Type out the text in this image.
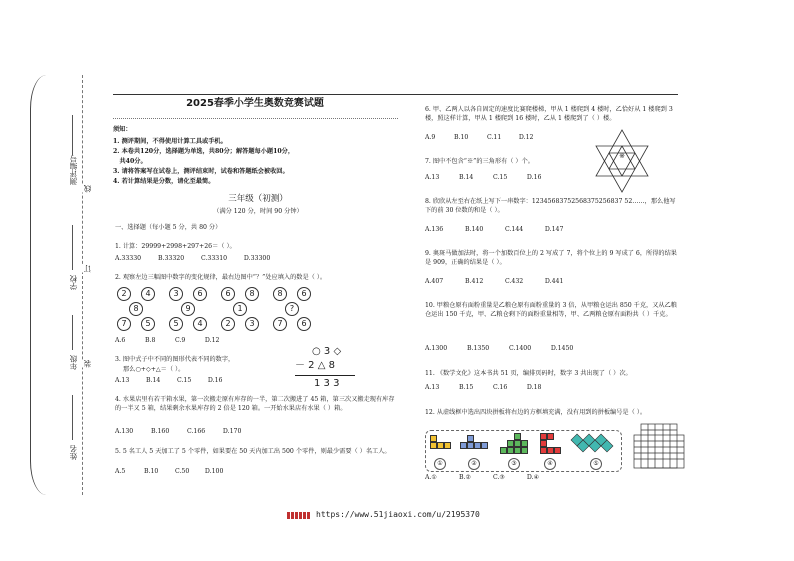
测评编号
线
学校
订
年级 装
姓名
2025春季小学生奥数竞赛试题
须知：
1. 测评期间，不得使用计算工具或手机。
2. 本卷共120分，选择题为单选，共80分；解答题每小题10分，
共40分。
3. 请将答案写在试卷上，测评结束时，试卷和答题纸会被收回。
4. 若计算结果是分数，请化至最简。
三年级（初测）
（满分 120 分，时间 90 分钟）
一、选择题（每小题 5 分，共 80 分）
1. 计算：29999+2998+297+26＝（ ）。
A.33330	B.33320	C.33310	D.33300
2. 观察左边三幅图中数字的变化规律，最右边图中“？”处应填入的数是（ ）。
2	4
8
7	5
3	6
9
5	4
6	8
1
2	3
8	6
?
7	6
A.6	B.8	C.9	D.12
3. 图中式子中不同的图形代表不同的数字，
那么○+◇+△＝（ ）。
A.13	B.14	C.15	D.16
○ 3 ◇
－ 2 △ 8
1 3 3
4. 水果店里有若干箱水果，第一次搬走原有库存的一半，第二次搬进了 45 箱，第三次又搬走现有库存的一半又 5 箱，结果剩余水果库存的 2 倍是 120 箱。一开始水果店有水果（ ）箱。
A.130	B.160	C.166	D.170
5. 5 名工人 5 天加工了 5 个零件，如果要在 50 天内加工出 500 个零件，则最少需要（ ）名工人。
A.5	B.10	C.50	D.100
6. 甲、乙两人以各自固定的速度比赛爬楼梯，甲从 1 楼爬到 4 楼时，乙恰好从 1 楼爬到 3 楼，照这样计算，甲从 1 楼爬到 16 楼时，乙从 1 楼爬到了（ ）楼。
A.9	B.10	C.11	D.12
7. 图中不包含“※”的三角形有（ ）个。
A.13	B.14	C.15	D.16
※
8. 欣欣从左至右在纸上写下一串数字：12345683752568375256837 52……，那么他写下的前 30 位数的和是（ ）。
A.136	B.140	C.144	D.147
9. 奥斑马做加法时，将一个加数百位上的 2 写成了 7，将个位上的 9 写成了 6，所得的结果是 909，正确的结果是（ ）。
A.407	B.412	C.432	D.441
10. 甲粮仓原有面粉重量是乙粮仓原有面粉重量的 3 倍，从甲粮仓运出 850 千克，又从乙粮仓运出 150 千克，甲、乙粮仓剩下的面粉重量相等，甲、乙两粮仓原有面粉共（ ）千克。
A.1300	B.1350	C.1400	D.1450
11. 《数学文化》这本书共 51 页，编排页码时，数字 3 共出现了（ ）次。
A.13	B.15	C.16	D.18
12. 从虚线框中选出四块拼板将右边的方框填充满，没有用到的拼板编号是（ ）。
①	②	③	④	⑤
A.①	B.②	C.③	D.④
https://www.51jiaoxi.com/u/2195370
